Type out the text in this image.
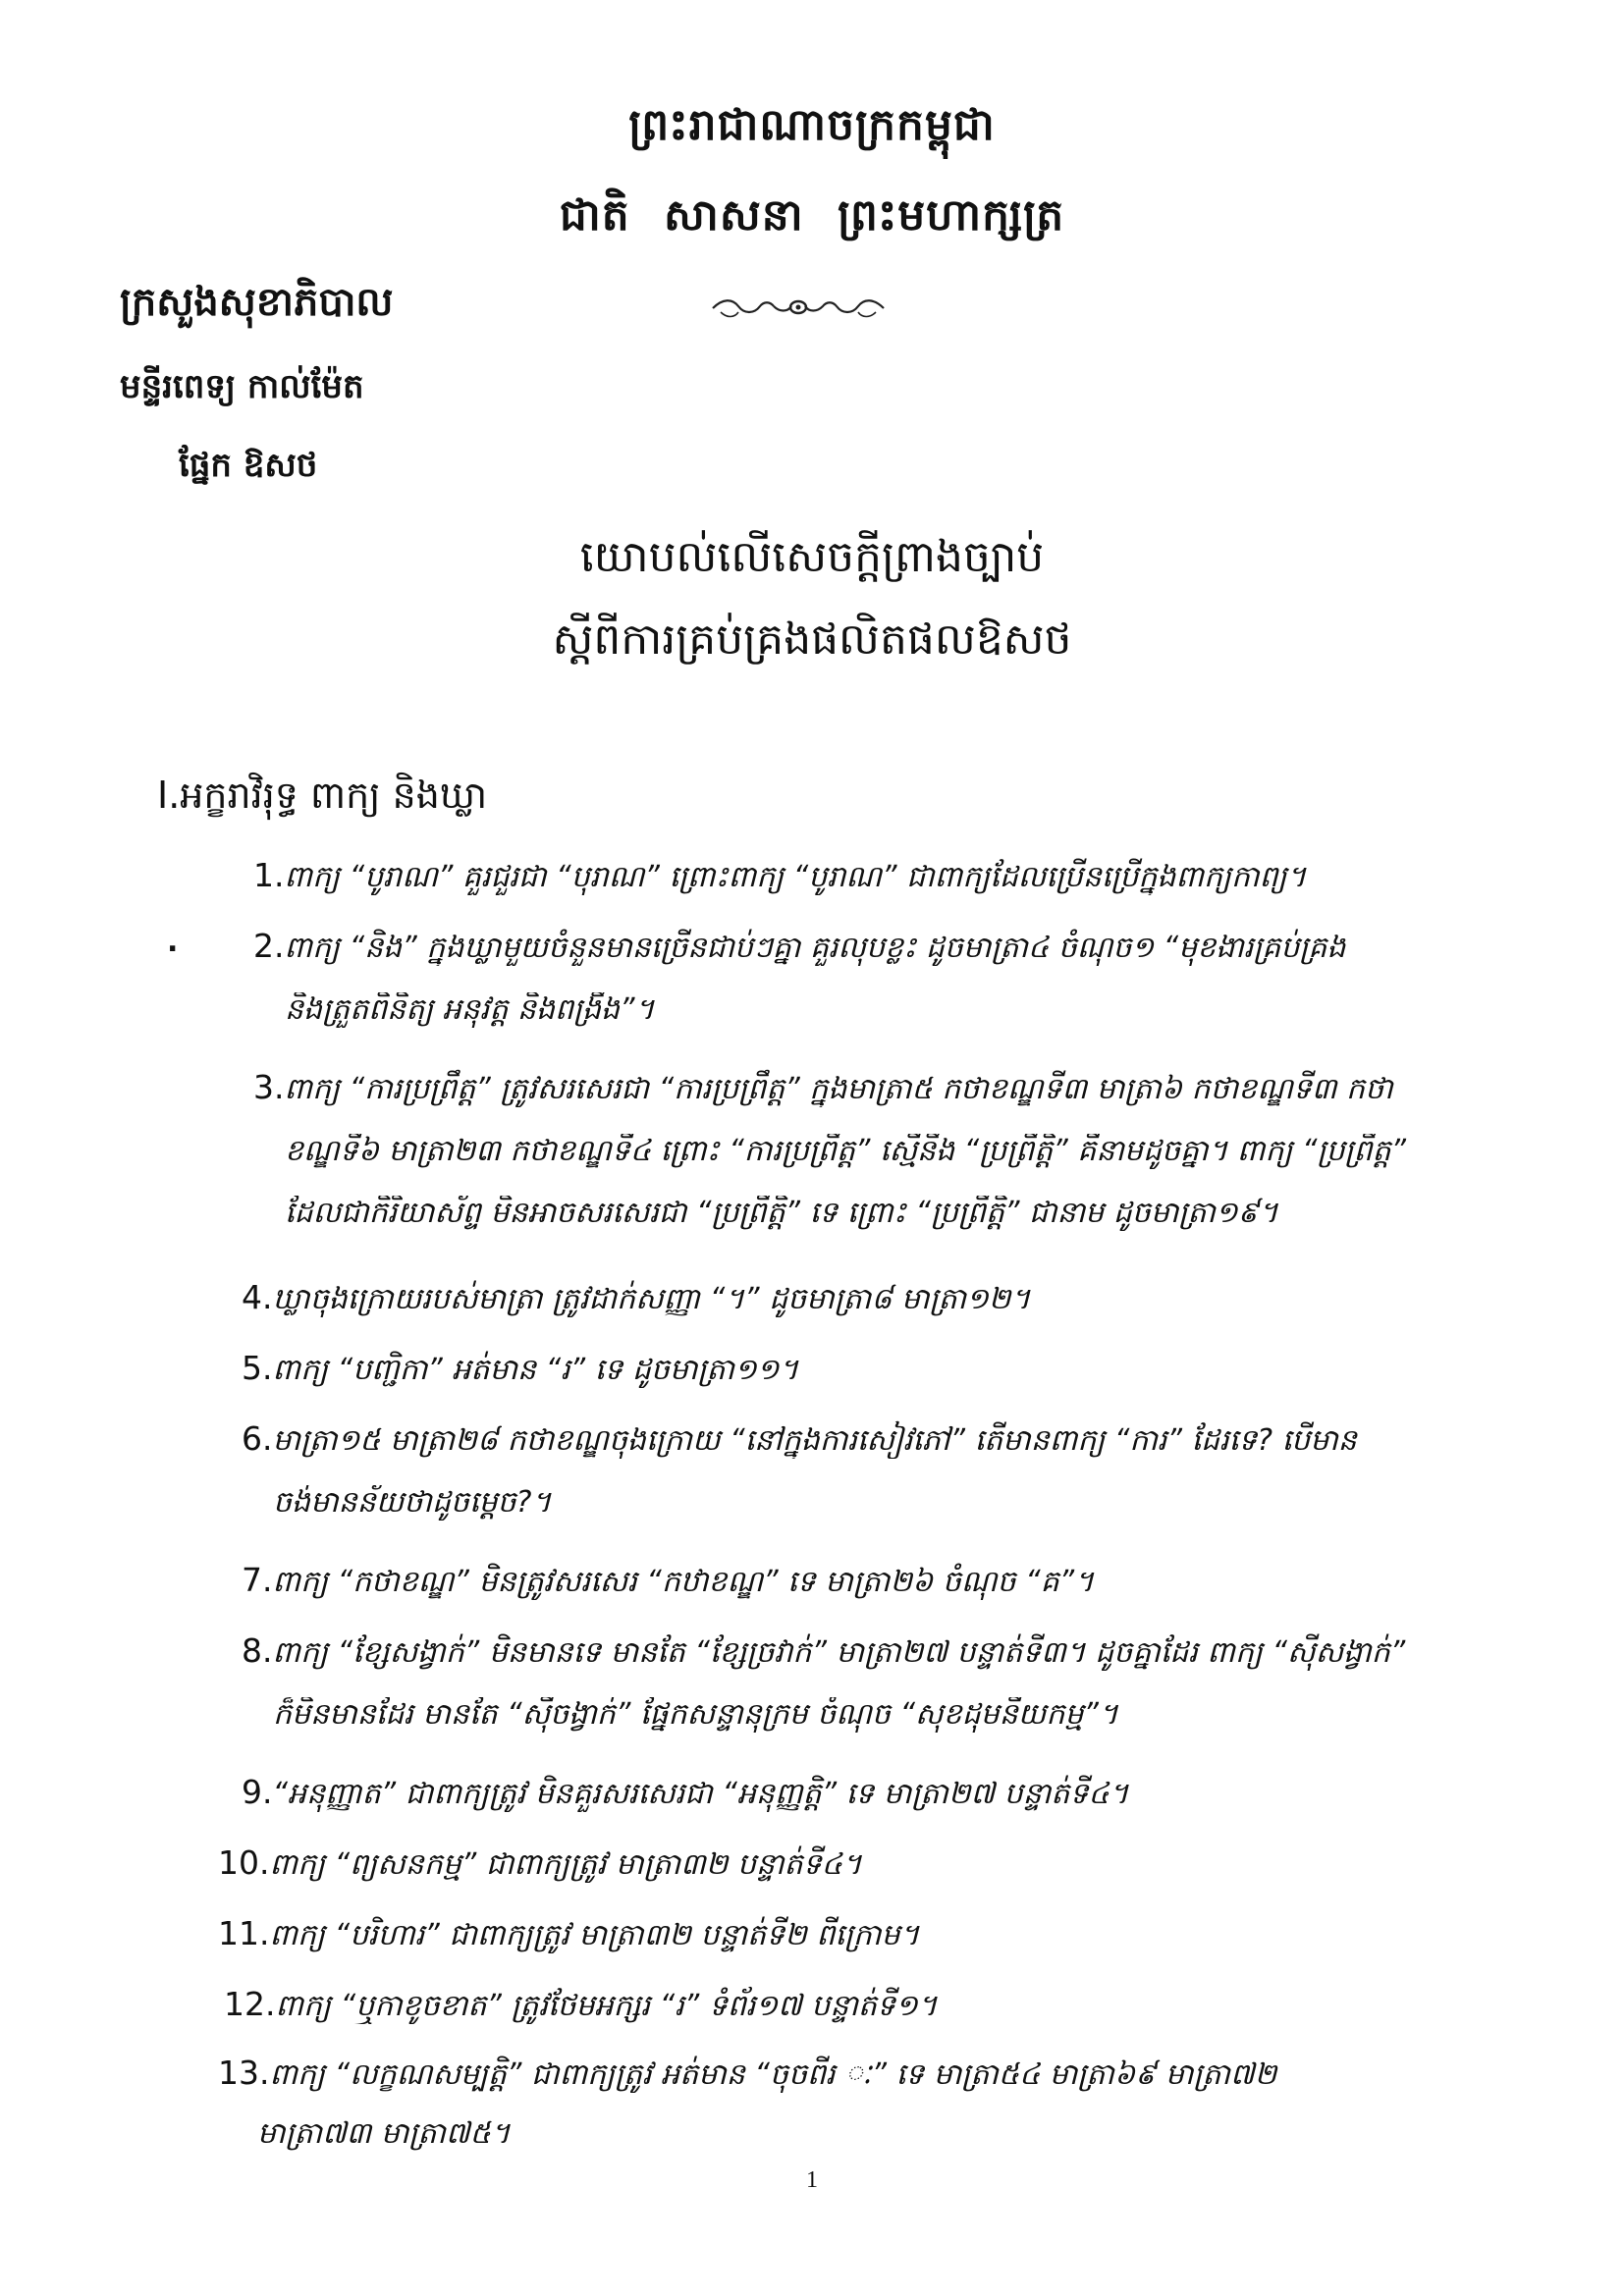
ព្រះរាជាណាចក្រកម្ពុជា
ជាតិ សាសនា ព្រះមហាក្សត្រ
ក្រសួងសុខាភិបាល
មន្ទីរពេទ្យ កាល់ម៉ែត
ផ្នែក ឱសថ
យោបល់លើសេចក្តីព្រាងច្បាប់
ស្តីពីការគ្រប់គ្រងផលិតផលឱសថ
I.អក្ខរាវិរុទ្ធ ពាក្យ និងឃ្លា
.
1.ពាក្យ “បូរាណ” គួរជួរជា “បុរាណ” ព្រោះពាក្យ “បូរាណ” ជាពាក្យដែលប្រើនប្រើក្នុងពាក្យកាព្យ។
2.ពាក្យ “និង” ក្នុងឃ្លាមួយចំនួនមានច្រើនជាប់ៗគ្នា គួរលុបខ្លះ ដូចមាត្រា៤ ចំណុច១ “មុខងារគ្រប់គ្រង
និងត្រួតពិនិត្យ អនុវត្ត និងពង្រឹង”។
3.ពាក្យ “ការប្រព្រឹត្ត” ត្រូវសរសេរជា “ការប្រព្រឹត្ត” ក្នុងមាត្រា៥ កថាខណ្ឌទី៣ មាត្រា៦ កថាខណ្ឌទី៣ កថា
ខណ្ឌទី៦ មាត្រា២៣ កថាខណ្ឌទី៤ ព្រោះ “ការប្រព្រឹត្ត” ស្មើនឹង “ប្រព្រឹត្តិ” គឺនាមដូចគ្នា។ ពាក្យ “ប្រព្រឹត្ត”
ដែលជាកិរិយាស័ព្ទ មិនអាចសរសេរជា “ប្រព្រឹត្តិ” ទេ ព្រោះ “ប្រព្រឹត្តិ” ជានាម ដូចមាត្រា១៩។
4.ឃ្លាចុងក្រោយរបស់មាត្រា ត្រូវដាក់សញ្ញា “។” ដូចមាត្រា៨ មាត្រា១២។
5.ពាក្យ “បញ្ជិកា” អត់មាន “រ” ទេ ដូចមាត្រា១១។
6.មាត្រា១៥ មាត្រា២៨ កថាខណ្ឌចុងក្រោយ “នៅក្នុងការសៀវភៅ” តើមានពាក្យ “ការ” ដែរទេ? បើមាន
ចង់មានន័យថាដូចម្តេច?។
7.ពាក្យ “កថាខណ្ឌ” មិនត្រូវសរសេរ “កឋាខណ្ឌ” ទេ មាត្រា២៦ ចំណុច “គ”។
8.ពាក្យ “ខ្សែសង្វាក់” មិនមានទេ មានតែ “ខ្សែច្រវាក់” មាត្រា២៧ បន្ទាត់ទី៣។ ដូចគ្នាដែរ ពាក្យ “ស៊ីសង្វាក់”
ក៏មិនមានដែរ មានតែ “ស៊ីចង្វាក់” ផ្នែកសន្ទានុក្រម ចំណុច “សុខដុមនីយកម្ម”។
9.“អនុញ្ញាត” ជាពាក្យត្រូវ មិនគួរសរសេរជា “អនុញ្ញត្តិ” ទេ មាត្រា២៧ បន្ទាត់ទី៤។
10.ពាក្យ “ព្យសនកម្ម” ជាពាក្យត្រូវ មាត្រា៣២ បន្ទាត់ទី៤។
11.ពាក្យ “បរិហារ” ជាពាក្យត្រូវ មាត្រា៣២ បន្ទាត់ទី២ ពីក្រោម។
12.ពាក្យ “ឬកាខូចខាត” ត្រូវថែមអក្សរ “រ” ទំព័រ១៧ បន្ទាត់ទី១។
13.ពាក្យ “លក្ខណសម្បត្តិ” ជាពាក្យត្រូវ អត់មាន “ចុចពីរ ៈ” ទេ មាត្រា៥៤ មាត្រា៦៩ មាត្រា៧២
មាត្រា៧៣ មាត្រា៧៥។
1
